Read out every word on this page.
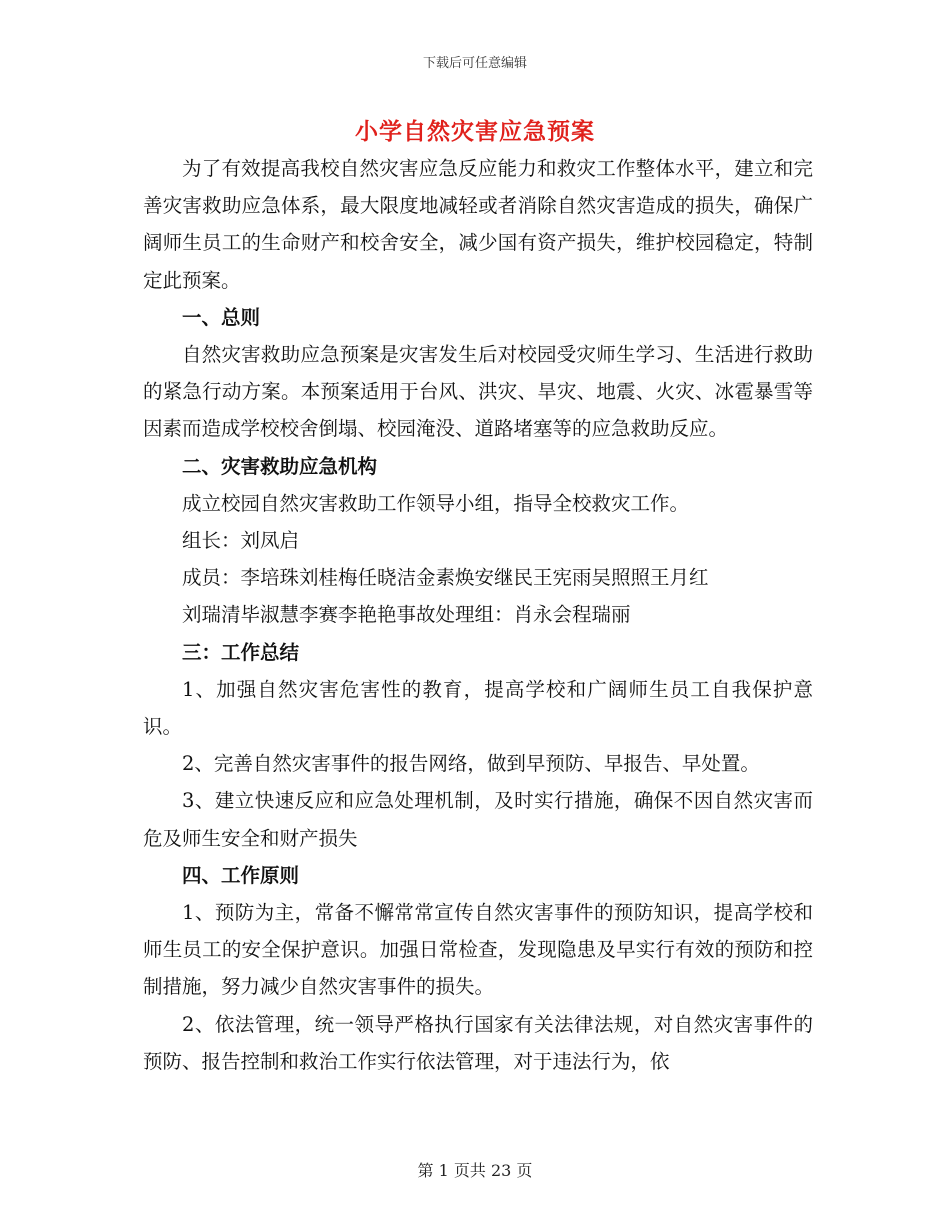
下载后可任意编辑
小学自然灾害应急预案

为了有效提高我校自然灾害应急反应能力和救灾工作整体水平，建立和完善灾害救助应急体系，最大限度地减轻或者消除自然灾害造成的损失，确保广阔师生员工的生命财产和校舍安全，减少国有资产损失，维护校园稳定，特制定此预案。

一、总则

自然灾害救助应急预案是灾害发生后对校园受灾师生学习、生活进行救助的紧急行动方案。本预案适用于台风、洪灾、旱灾、地震、火灾、冰雹暴雪等因素而造成学校校舍倒塌、校园淹没、道路堵塞等的应急救助反应。

二、灾害救助应急机构

成立校园自然灾害救助工作领导小组，指导全校救灾工作。

组长：刘凤启

成员：李培珠刘桂梅任晓洁金素焕安继民王宪雨吴照照王月红

刘瑞清毕淑慧李赛李艳艳事故处理组：肖永会程瑞丽

三：工作总结

1、加强自然灾害危害性的教育，提高学校和广阔师生员工自我保护意识。

2、完善自然灾害事件的报告网络，做到早预防、早报告、早处置。

3、建立快速反应和应急处理机制，及时实行措施，确保不因自然灾害而危及师生安全和财产损失

四、工作原则

1、预防为主，常备不懈常常宣传自然灾害事件的预防知识，提高学校和师生员工的安全保护意识。加强日常检查，发现隐患及早实行有效的预防和控制措施，努力减少自然灾害事件的损失。

2、依法管理，统一领导严格执行国家有关法律法规，对自然灾害事件的预防、报告控制和救治工作实行依法管理，对于违法行为，依

第 1 页共 23 页
